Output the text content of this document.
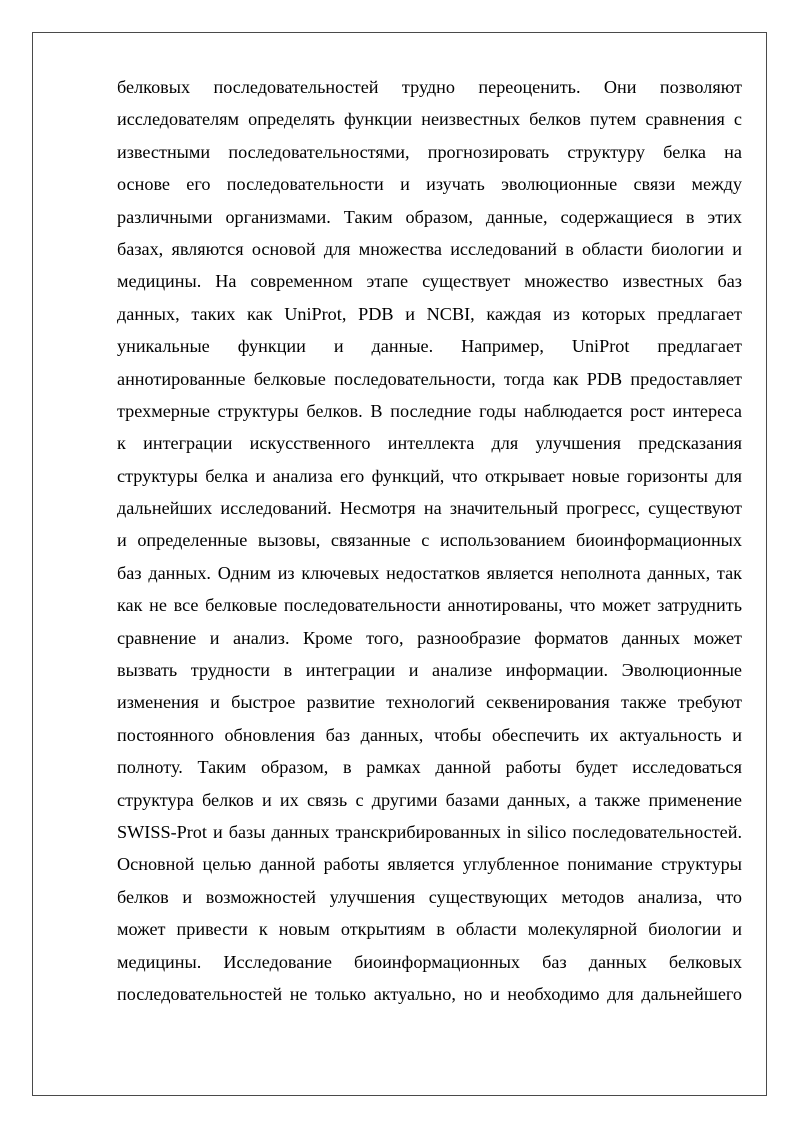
белковых последовательностей трудно переоценить. Они позволяют
исследователям определять функции неизвестных белков путем сравнения с
известными последовательностями, прогнозировать структуру белка на
основе его последовательности и изучать эволюционные связи между
различными организмами. Таким образом, данные, содержащиеся в этих
базах, являются основой для множества исследований в области биологии и
медицины. На современном этапе существует множество известных баз
данных, таких как UniProt, PDB и NCBI, каждая из которых предлагает
уникальные функции и данные. Например, UniProt предлагает
аннотированные белковые последовательности, тогда как PDB предоставляет
трехмерные структуры белков. В последние годы наблюдается рост интереса
к интеграции искусственного интеллекта для улучшения предсказания
структуры белка и анализа его функций, что открывает новые горизонты для
дальнейших исследований. Несмотря на значительный прогресс, существуют
и определенные вызовы, связанные с использованием биоинформационных
баз данных. Одним из ключевых недостатков является неполнота данных, так
как не все белковые последовательности аннотированы, что может затруднить
сравнение и анализ. Кроме того, разнообразие форматов данных может
вызвать трудности в интеграции и анализе информации. Эволюционные
изменения и быстрое развитие технологий секвенирования также требуют
постоянного обновления баз данных, чтобы обеспечить их актуальность и
полноту. Таким образом, в рамках данной работы будет исследоваться
структура белков и их связь с другими базами данных, а также применение
SWISS-Prot и базы данных транскрибированных in silico последовательностей.
Основной целью данной работы является углубленное понимание структуры
белков и возможностей улучшения существующих методов анализа, что
может привести к новым открытиям в области молекулярной биологии и
медицины. Исследование биоинформационных баз данных белковых
последовательностей не только актуально, но и необходимо для дальнейшего
